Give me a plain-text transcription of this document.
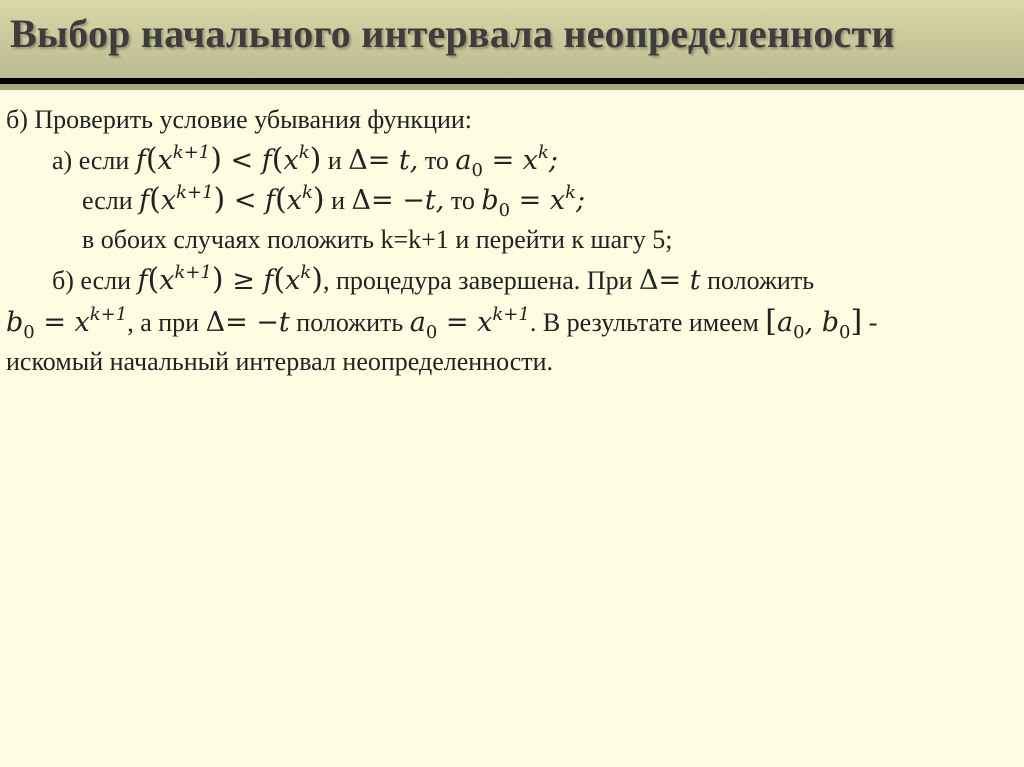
Выбор начального интервала неопределенности
б) Проверить условие убывания функции:
а) если $f(x^{k+1}) < f(x^k)$ и Δ= t, то $a_0 = x^k$;
если $f(x^{k+1}) < f(x^k)$ и Δ= −t, то $b_0 = x^k$;
в обоих случаях положить k=k+1 и перейти к шагу 5;
б) если $f(x^{k+1}) \ge f(x^k)$, процедура завершена. При Δ= t положить
$b_0 = x^{k+1}$, а при Δ= −t положить $a_0 = x^{k+1}$. В результате имеем [$a_0$, $b_0$] -
искомый начальный интервал неопределенности.
